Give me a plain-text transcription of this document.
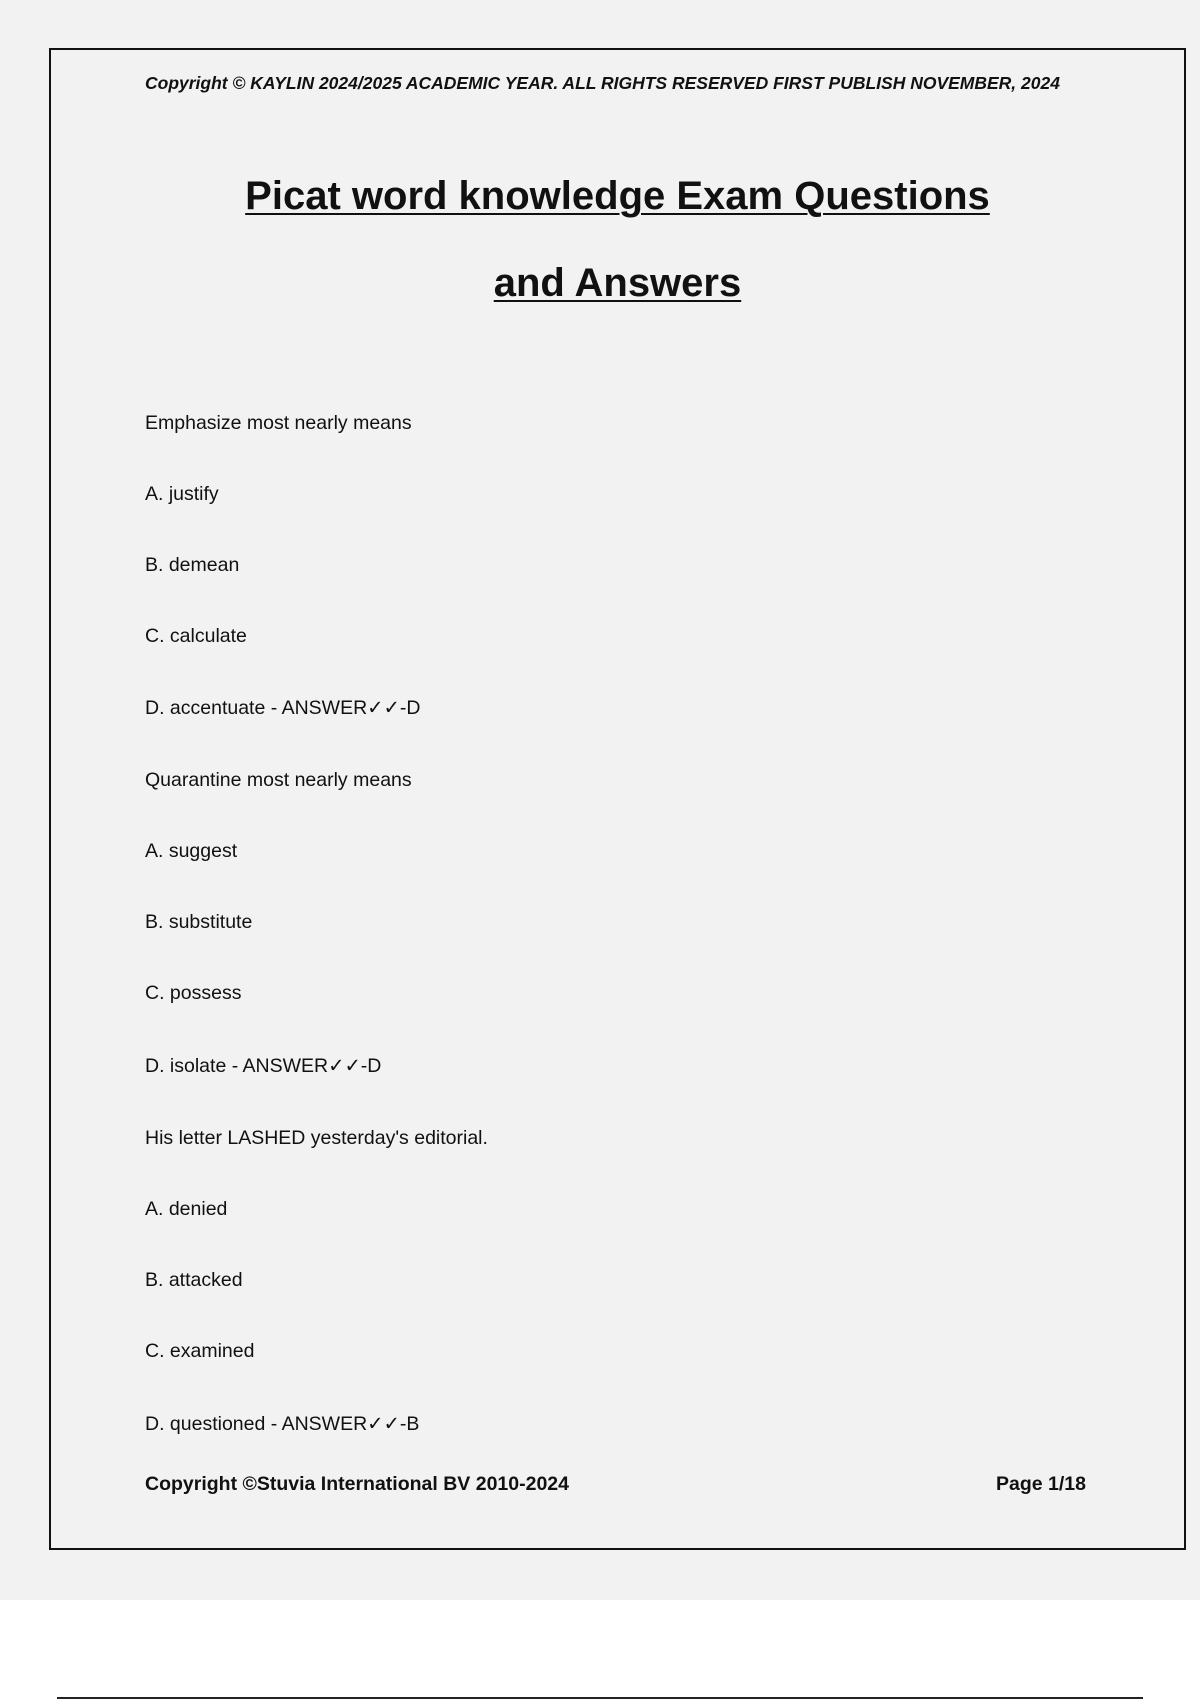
Copyright © KAYLIN 2024/2025 ACADEMIC YEAR. ALL RIGHTS RESERVED FIRST PUBLISH NOVEMBER, 2024
Picat word knowledge Exam Questions
and Answers
Emphasize most nearly means
A. justify
B. demean
C. calculate
D. accentuate - ANSWER✓✓-D
Quarantine most nearly means
A. suggest
B. substitute
C. possess
D. isolate - ANSWER✓✓-D
His letter LASHED yesterday's editorial.
A. denied
B. attacked
C. examined
D. questioned - ANSWER✓✓-B
Copyright ©Stuvia International BV 2010-2024	Page 1/18
